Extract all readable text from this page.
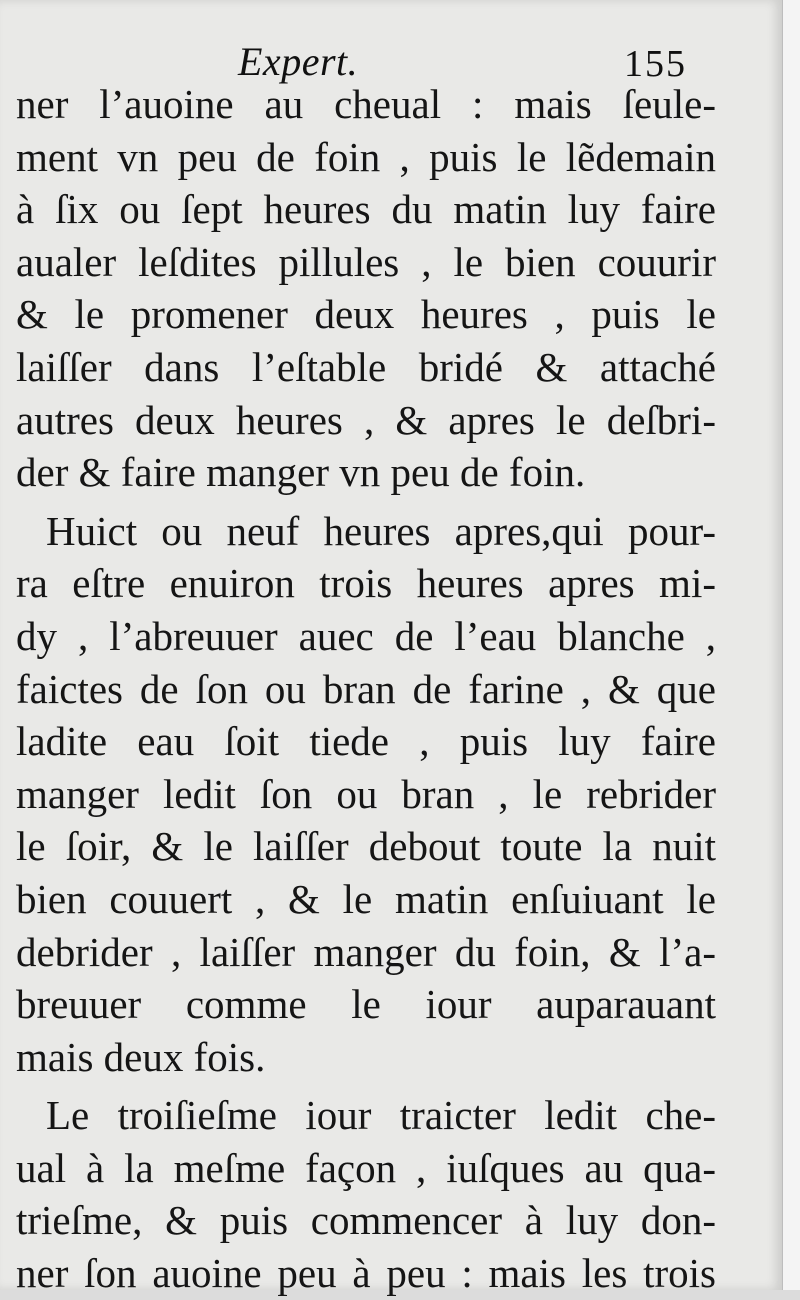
Expert.	155

ner l’auoine au cheual : mais ſeule-
ment vn peu de foin , puis le lẽdemain
à ſix ou ſept heures du matin luy faire
aualer leſdites pillules , le bien couurir
& le promener deux heures , puis le
laiſſer dans l’eſtable bridé & attaché
autres deux heures , & apres le deſbri-
der & faire manger vn peu de foin.

Huict ou neuf heures apres,qui pour-
ra eſtre enuiron trois heures apres mi-
dy , l’abreuuer auec de l’eau blanche ,
faictes de ſon ou bran de farine , & que
ladite eau ſoit tiede , puis luy faire
manger ledit ſon ou bran , le rebrider
le ſoir, & le laiſſer debout toute la nuit
bien couuert , & le matin enſuiuant le
debrider , laiſſer manger du foin, & l’a-
breuuer comme le iour auparauant
mais deux fois.

Le troiſieſme iour traicter ledit che-
ual à la meſme façon , iuſques au qua-
trieſme, & puis commencer à luy don-
ner ſon auoine peu à peu : mais les trois
